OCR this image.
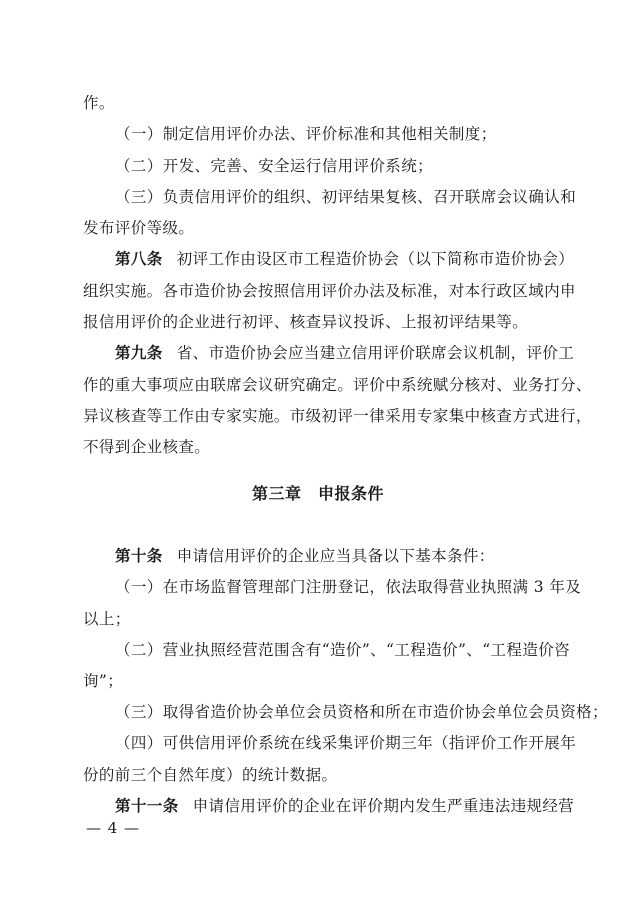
作。
（一）制定信用评价办法、评价标准和其他相关制度；
（二）开发、完善、安全运行信用评价系统；
（三）负责信用评价的组织、初评结果复核、召开联席会议确认和
发布评价等级。
第八条 初评工作由设区市工程造价协会（以下简称市造价协会）
组织实施。各市造价协会按照信用评价办法及标准，对本行政区域内申
报信用评价的企业进行初评、核查异议投诉、上报初评结果等。
第九条 省、市造价协会应当建立信用评价联席会议机制，评价工
作的重大事项应由联席会议研究确定。评价中系统赋分核对、业务打分、
异议核查等工作由专家实施。市级初评一律采用专家集中核查方式进行，
不得到企业核查。
第三章　申报条件
第十条 申请信用评价的企业应当具备以下基本条件：
（一）在市场监督管理部门注册登记，依法取得营业执照满 3 年及
以上；
（二）营业执照经营范围含有“造价”、“工程造价”、“工程造价咨
询”；
（三）取得省造价协会单位会员资格和所在市造价协会单位会员资格；
（四）可供信用评价系统在线采集评价期三年（指评价工作开展年
份的前三个自然年度）的统计数据。
第十一条 申请信用评价的企业在评价期内发生严重违法违规经营
— 4 —
